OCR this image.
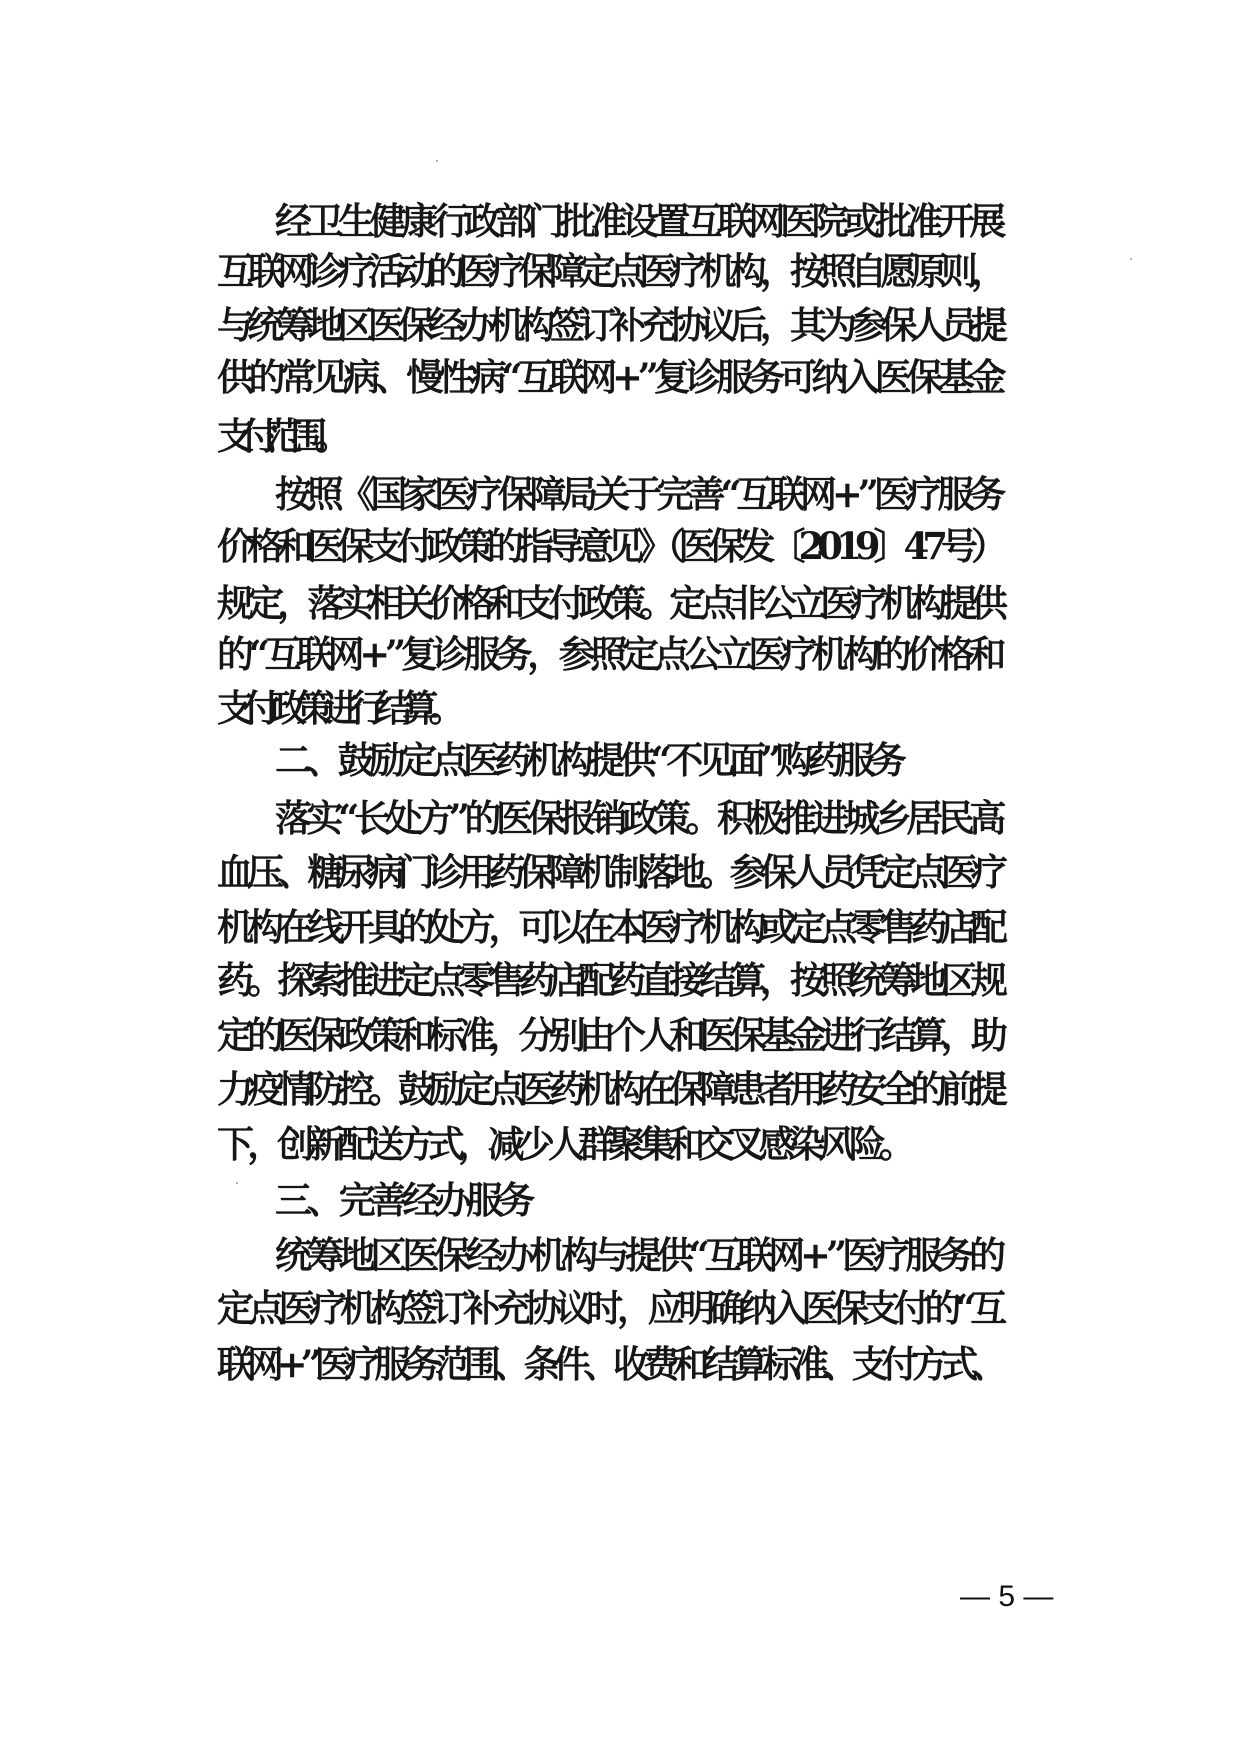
经卫生健康行政部门批准设置互联网医院或批准开展
互联网诊疗活动的医疗保障定点医疗机构，按照自愿原则，
与统筹地区医保经办机构签订补充协议后，其为参保人员提
供的常见病、慢性病“互联网+”复诊服务可纳入医保基金
支付范围。
按照《国家医疗保障局关于完善“互联网+”医疗服务
价格和医保支付政策的指导意见》（医保发〔2019〕47号）
规定，落实相关价格和支付政策。定点非公立医疗机构提供
的“互联网+”复诊服务，参照定点公立医疗机构的价格和
支付政策进行结算。
二、鼓励定点医药机构提供“不见面”购药服务
落实“长处方”的医保报销政策。积极推进城乡居民高
血压、糖尿病门诊用药保障机制落地。参保人员凭定点医疗
机构在线开具的处方，可以在本医疗机构或定点零售药店配
药。探索推进定点零售药店配药直接结算，按照统筹地区规
定的医保政策和标准，分别由个人和医保基金进行结算，助
力疫情防控。鼓励定点医药机构在保障患者用药安全的前提
下，创新配送方式，减少人群聚集和交叉感染风险。
三、完善经办服务
统筹地区医保经办机构与提供“互联网+”医疗服务的
定点医疗机构签订补充协议时，应明确纳入医保支付的“互
联网+”医疗服务范围、条件、收费和结算标准、支付方式、
— 5 —
